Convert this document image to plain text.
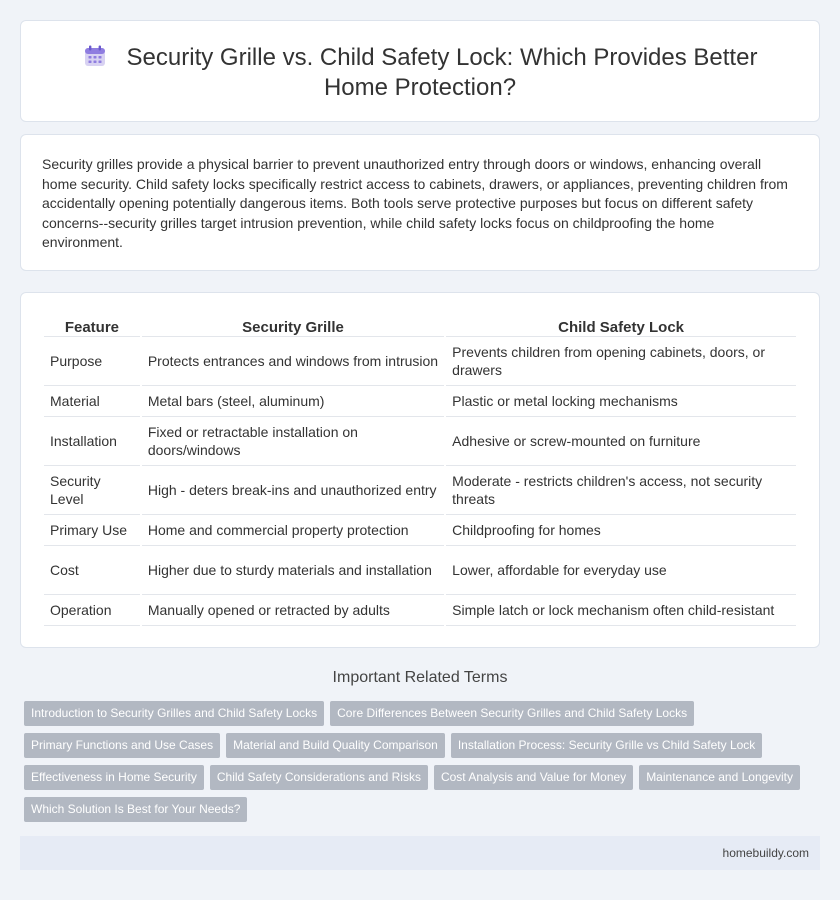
Security Grille vs. Child Safety Lock: Which Provides Better Home Protection?

Security grilles provide a physical barrier to prevent unauthorized entry through doors or windows, enhancing overall home security. Child safety locks specifically restrict access to cabinets, drawers, or appliances, preventing children from accidentally opening potentially dangerous items. Both tools serve protective purposes but focus on different safety concerns--security grilles target intrusion prevention, while child safety locks focus on childproofing the home environment.

Feature	Security Grille	Child Safety Lock
Purpose	Protects entrances and windows from intrusion	Prevents children from opening cabinets, doors, or drawers
Material	Metal bars (steel, aluminum)	Plastic or metal locking mechanisms
Installation	Fixed or retractable installation on doors/windows	Adhesive or screw-mounted on furniture
Security Level	High - deters break-ins and unauthorized entry	Moderate - restricts children's access, not security threats
Primary Use	Home and commercial property protection	Childproofing for homes
Cost	Higher due to sturdy materials and installation	Lower, affordable for everyday use
Operation	Manually opened or retracted by adults	Simple latch or lock mechanism often child-resistant
Important Related Terms
Introduction to Security Grilles and Child Safety Locks Core Differences Between Security Grilles and Child Safety Locks
Primary Functions and Use Cases Material and Build Quality Comparison Installation Process: Security Grille vs Child Safety Lock
Effectiveness in Home Security Child Safety Considerations and Risks Cost Analysis and Value for Money Maintenance and Longevity
Which Solution Is Best for Your Needs?
homebuildy.com
